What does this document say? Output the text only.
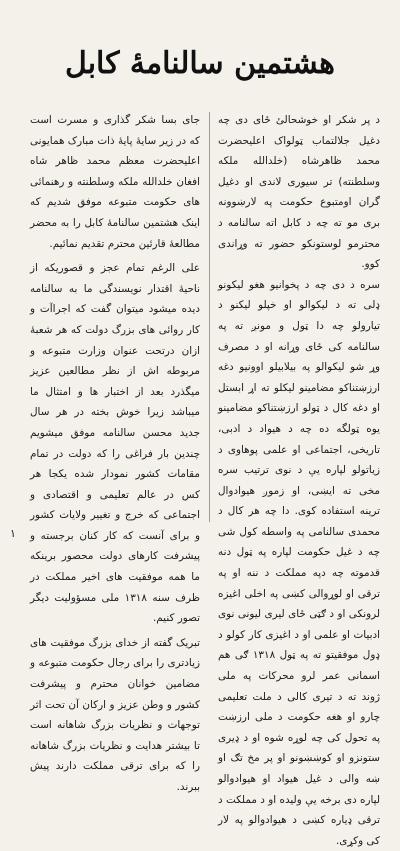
هشتمین سالنامهٔ کابل

د پر شکر او خوشحالئ ځای دی چه دغیل جلالتماب ټولواک اعلیحضرت محمد ظاهرشاه (خلدالله ملکه وسلطنته) تر سیوری لاندی او دغیل گران اومتبوع حکومت په لارښوونه بری مو ته چه د کابل اته سالنامه د محترمو لوستونکو حضور ته وړاندی کوو.

سره د دی چه د پخوانیو هغو لیکونو ډلی ته د لیکوالو او خپلو لیکنو د تیارولو چه دا ټول و مونږ ته په سالنامه کی ځای وړانه او د مصرف وړ شو لیکوالو په بیلابیلو اوونیو دغه ارزښتناکو مضامینو لیکلو ته اړ ابستل او دغه کال د ټولو ارزښتناکو مضامینو یوه ټولگه ده چه د هیواد د ادبی، تاریخی، اجتماعی او علمی پوهاوی د زیاتولو لپاره یې د نوی ترتیب سره مخی ته ایښی، او زموږ هیوادوال ترینه استفاده کوی. دا چه هر کال د محمدی سالنامی په واسطه کول شی چه د غیل حکومت لپاره په ټول دنه قدموته چه دپه مملکت د ننه او په ترقی او لوړوالی کښی په اخلی اغیزه لرونکی او د ګټی ځای لیری لیونی نوی ادبیات او علمی او د اغیزی کار کولو د ډول موفقیتو ته په ټول ۱۳۱۸ ګی هم اسمانی عمر لرو محرکات په ملی ژوند ته د تیری کالی د ملت تعلیمی چارو او هغه حکومت د ملی ارزښت په تحول کی چه لوړه شوه او د ډیری ستونزو او کوښښونو او پر مخ تګ او ښه والی د غیل هیواد او هیوادوالو لپاره دی برخه یې ولیده او د مملکت د ترقی ډیاره کښی د هیوادوالو په لار کی وکړی.

جای بسا شکر گذاری و مسرت است که در زیر سایهٔ پایهٔ ذات مبارک همایونی اعلیحضرت معظم محمد ظاهر شاه افغان خلدالله ملکه وسلطنته و رهنمائی های حکومت متبوعه موفق شدیم که اینک هشتمین سالنامهٔ کابل را به محضر مطالعهٔ قارئین محترم تقدیم نمائیم.

علی الرغم تمام عجز و قصوریکه از ناحیهٔ اقتدار نویسندگی ما به سالنامه دیده میشود میتوان گفت که اجراآت و کار روائی های بزرگ دولت که هر شعبهٔ ازان درتحت عنوان وزارت متبوعه و مربوطه اش از نظر مطالعین عزیز میگذرد بعد از اختبار ها و امتثال ما میباشد زیرا خوش بخته در هر سال جدید محسن سالنامه موفق میشویم چندین بار فراغی را که دولت در تمام مقامات کشور نمودار شده یکجا هر کس در عالم تعلیمی و اقتصادی و اجتماعی که خرج و تغییر ولایات کشور و برای آنست که کار کنان برجسته و پیشرفت کارهای دولت محصور برینکه ما همه موفقیت های اخیر مملکت در ظرف سنه ۱۳۱۸ ملی مسؤولیت دیگر تصور کنیم.

تبریک گفته از خدای بزرگ موفقیت های زیادتری را برای رجال حکومت متبوعه و مضامین خوانان محترم و پیشرفت کشور و وطن عزیز و ارکان آن تحت اثر توجهات و نظریات بزرگ شاهانه است تا بیشتر هدایت و نظریات بزرگ شاهانه را که برای ترقی مملکت دارند پیش ببرند.

١
